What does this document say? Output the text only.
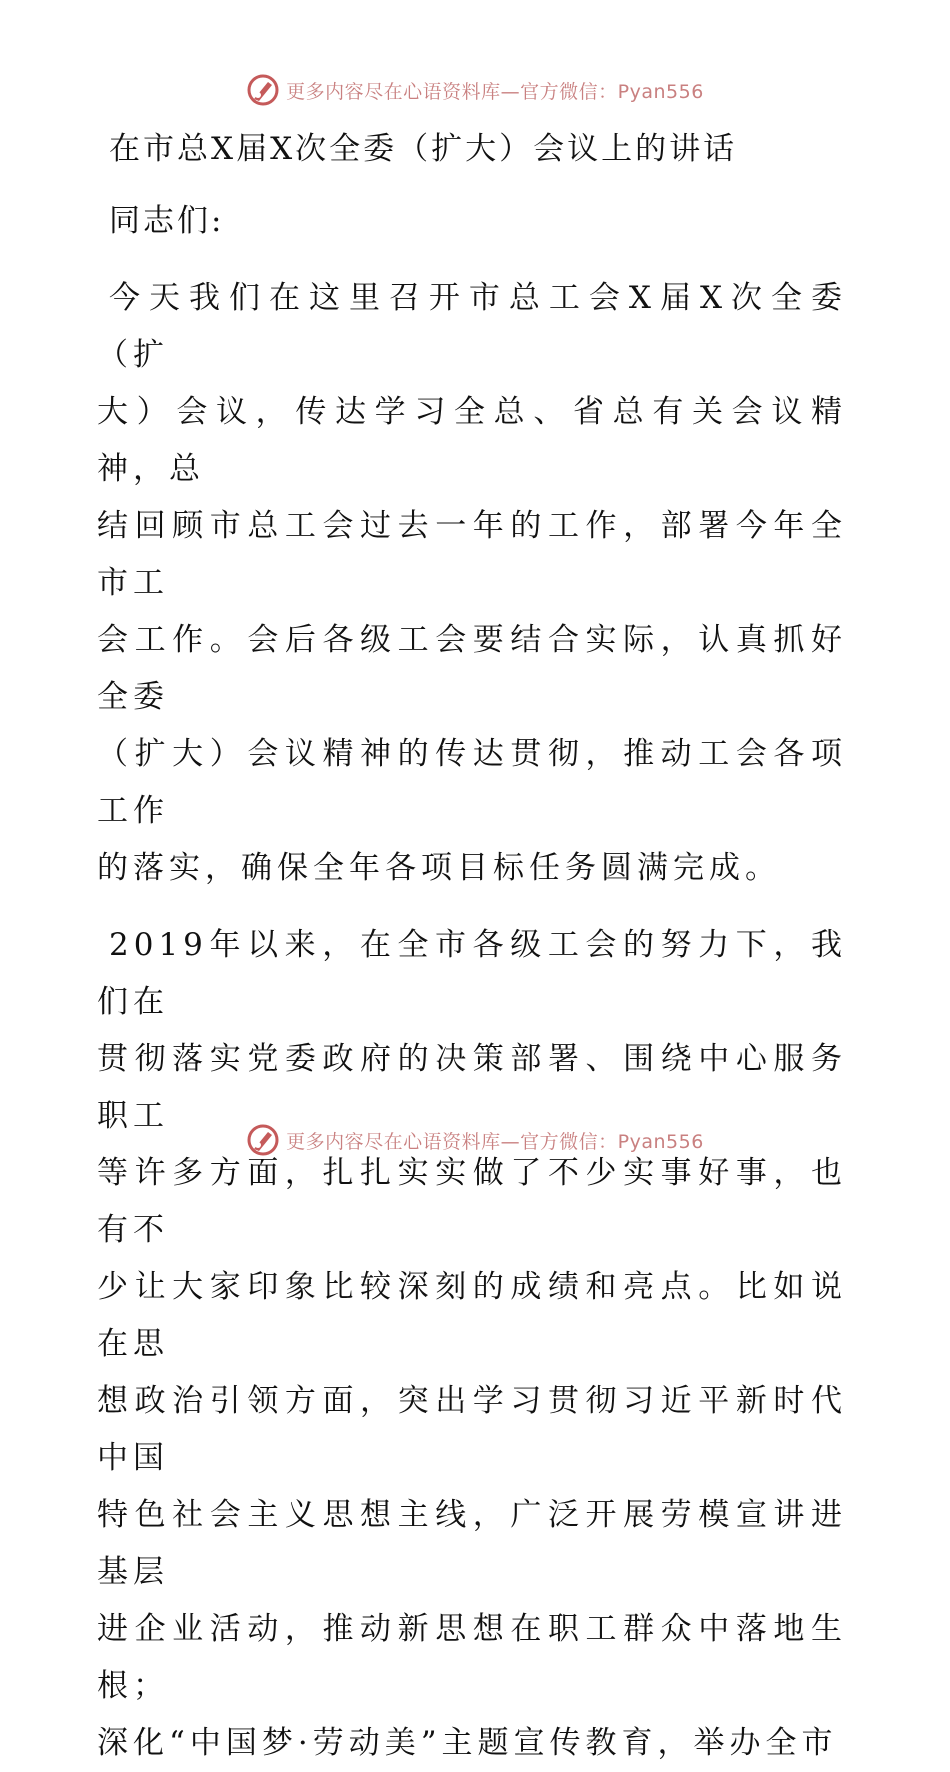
更多内容尽在心语资料库—官方微信：Pyan556
在市总X届X次全委（扩大）会议上的讲话

同志们:

今天我们在这里召开市总工会X届X次全委（扩
大）会议，传达学习全总、省总有关会议精神，总
结回顾市总工会过去一年的工作，部署今年全市工
会工作。会后各级工会要结合实际，认真抓好全委
（扩大）会议精神的传达贯彻，推动工会各项工作
的落实，确保全年各项目标任务圆满完成。

2019年以来，在全市各级工会的努力下，我们在
贯彻落实党委政府的决策部署、围绕中心服务职工
等许多方面，扎扎实实做了不少实事好事，也有不
少让大家印象比较深刻的成绩和亮点。比如说在思
想政治引领方面，突出学习贯彻习近平新时代中国
特色社会主义思想主线，广泛开展劳模宣讲进基层
进企业活动，推动新思想在职工群众中落地生根；
深化“中国梦·劳动美”主题宣传教育，举办全市

更多内容尽在心语资料库—官方微信：Pyan556
